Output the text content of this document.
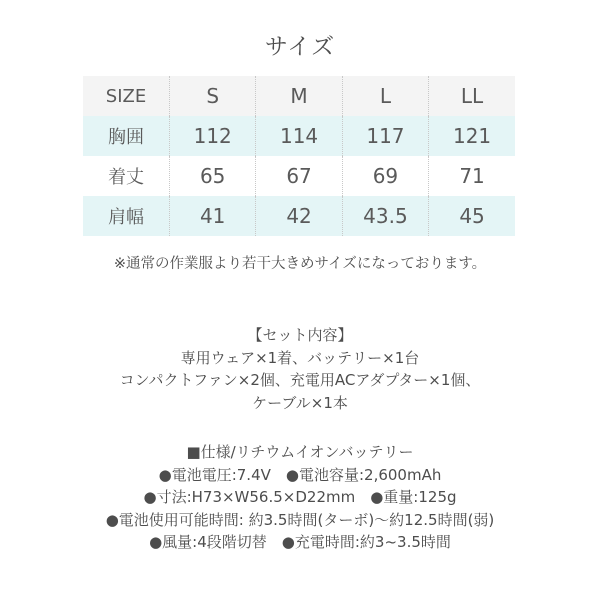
サイズ
SIZE	S	M	L	LL
胸囲	112	114	117	121
着丈	65	67	69	71
肩幅	41	42	43.5	45
※通常の作業服より若干大きめサイズになっております。
【セット内容】
専用ウェア×1着、バッテリー×1台
コンパクトファン×2個、充電用ACアダプター×1個、
ケーブル×1本
■仕様/リチウムイオンバッテリー
●電池電圧:7.4V　●電池容量:2,600mAh
●寸法:H73×W56.5×D22mm　●重量:125g
●電池使用可能時間: 約3.5時間(ターボ)～約12.5時間(弱)
●風量:4段階切替　●充電時間:約3~3.5時間
